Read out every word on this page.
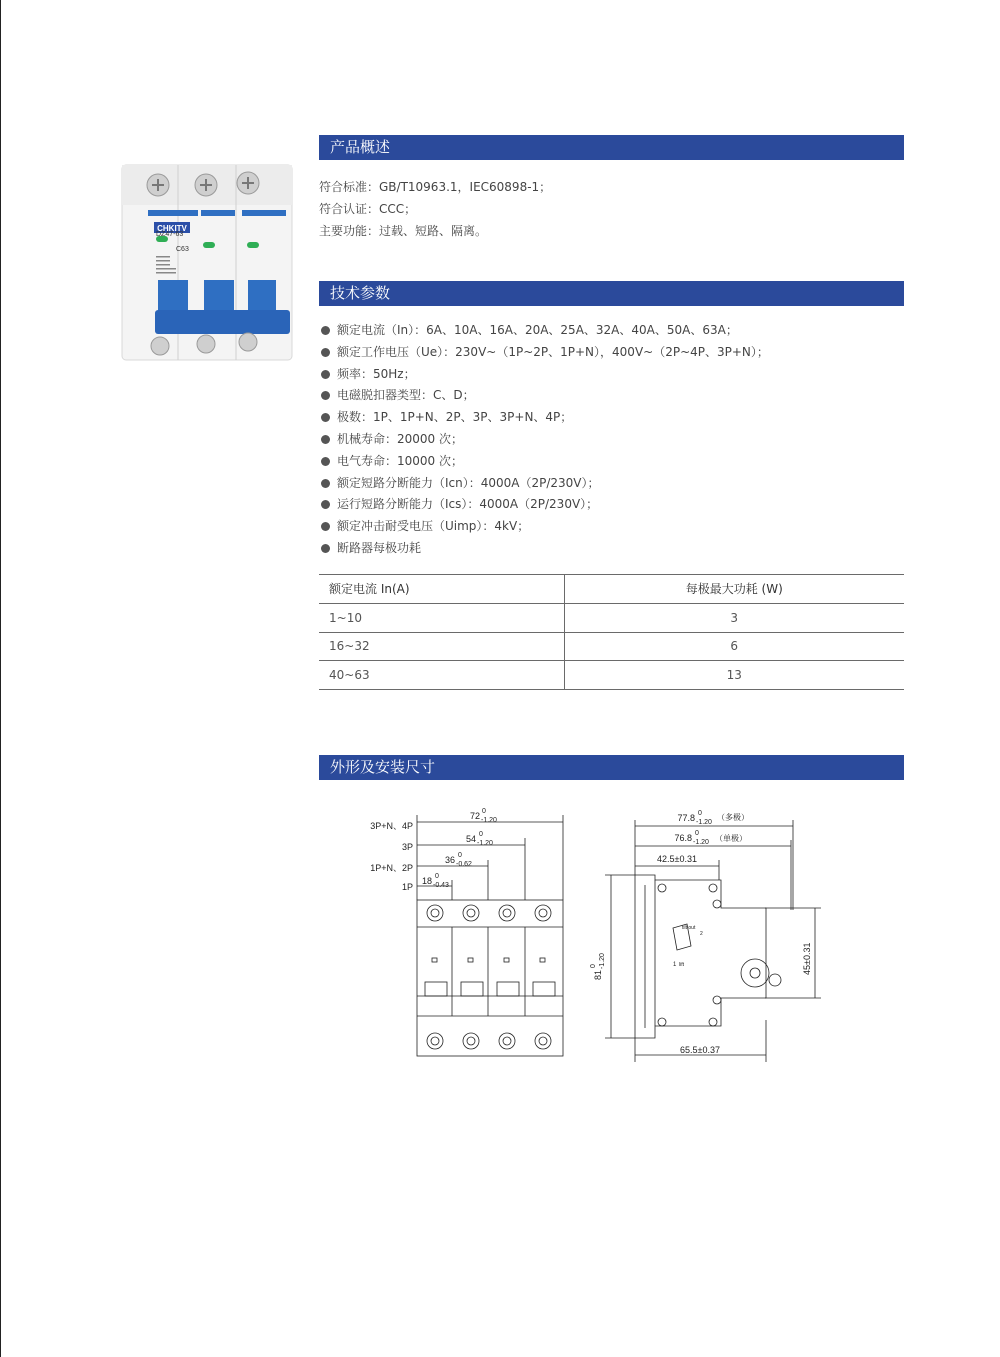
CHKITV
DZ47-63
C63
产品概述
符合标准：GB/T10963.1，IEC60898-1；
符合认证：CCC；
主要功能：过载、短路、隔离。
技术参数
额定电流（In）：6A、10A、16A、20A、25A、32A、40A、50A、63A；
额定工作电压（Ue）：230V~（1P~2P、1P+N），400V~（2P~4P、3P+N）；
频率：50Hz；
电磁脱扣器类型：C、D；
极数：1P、1P+N、2P、3P、3P+N、4P；
机械寿命：20000 次；
电气寿命：10000 次；
额定短路分断能力（Icn）：4000A（2P/230V）；
运行短路分断能力（Ics）：4000A（2P/230V）；
额定冲击耐受电压（Uimp）：4kV；
断路器每极功耗
额定电流 In(A)	每极最大功耗 (W)
1~10	3
16~32	6
40~63	13
外形及安装尺寸
3P+N、4P
3P
1P+N、2P
1P
72 0
-1.20
54 0
-1.20
36 0
-0.62
18 0
-0.43
77.8 0
-1.20
（多极）
76.8 0
-1.20 （单极）
42.5±0.31
65.5±0.37
81
0 -1.20	45±0.31
tilt out
2
1 lift
